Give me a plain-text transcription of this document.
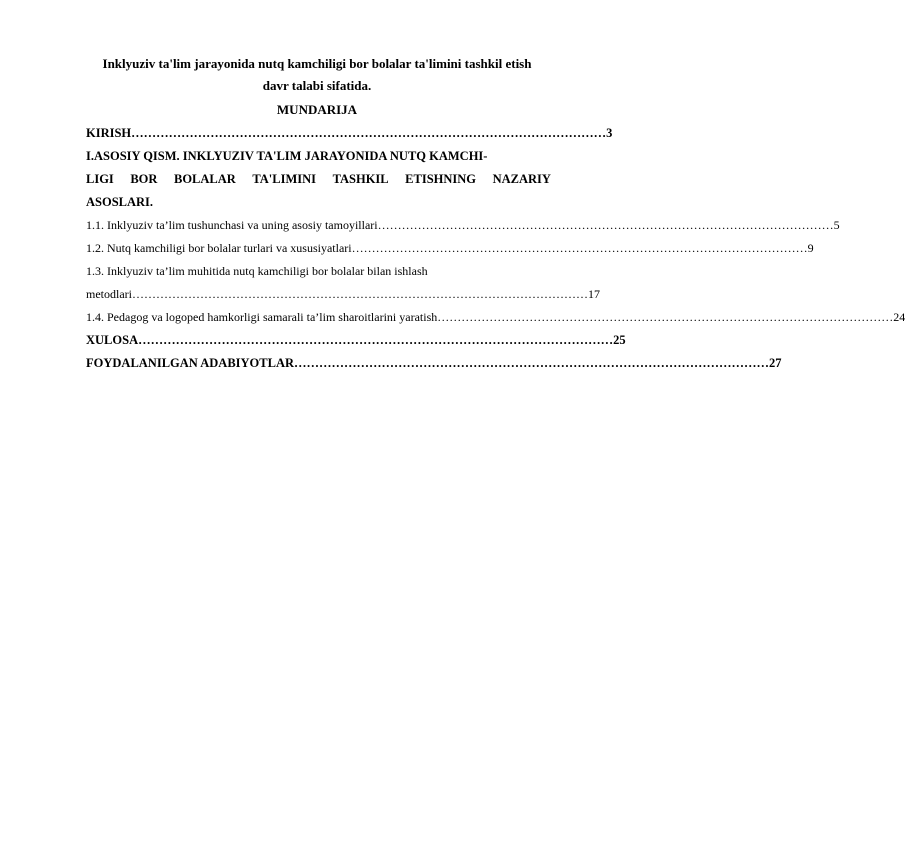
Inklyuziv ta'lim jarayonida nutq kamchiligi bor bolalar ta'limini tashkil etish

davr talabi sifatida.

MUNDARIJA

KIRISH …………………………………………………………………………………………………… 3
I.ASOSIY QISM. INKLYUZIV TA'LIM JARAYONIDA NUTQ KAMCHI-
LIGI BOR BOLALAR TA'LIMINI TASHKIL ETISHNING NAZARIY
ASOSLARI.
1.1. Inklyuziv ta’lim tushunchasi va uning asosiy tamoyillari …………………………………………………………………………………………………… 5
1.2. Nutq kamchiligi bor bolalar turlari va xususiyatlari …………………………………………………………………………………………………… 9
1.3. Inklyuziv ta’lim muhitida nutq kamchiligi bor bolalar bilan ishlash
metodlari …………………………………………………………………………………………………… 17
1.4. Pedagog va logoped hamkorligi samarali ta’lim sharoitlarini yaratish …………………………………………………………………………………………………… 24
XULOSA …………………………………………………………………………………………………… 25
FOYDALANILGAN ADABIYOTLAR …………………………………………………………………………………………………… 27
